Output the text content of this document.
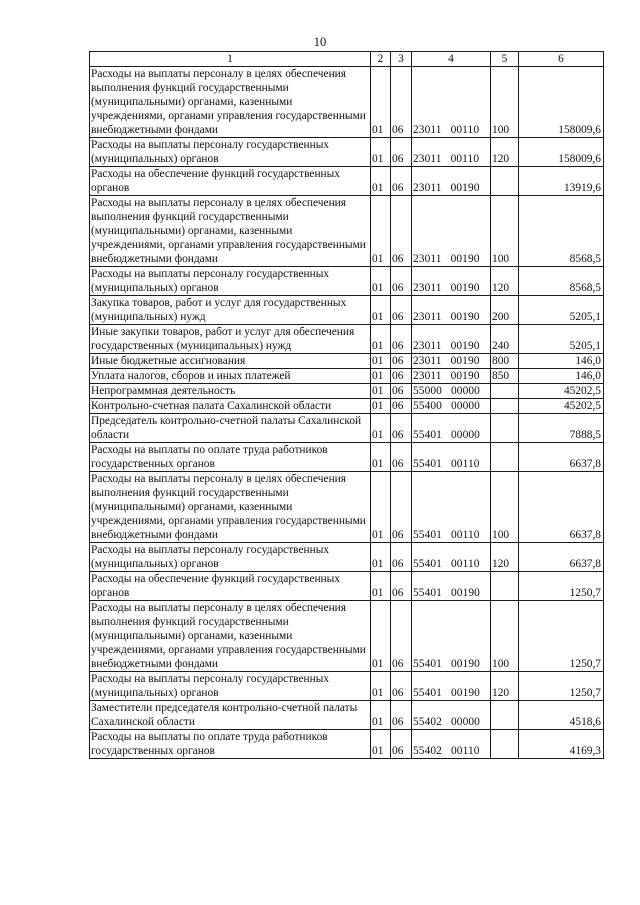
10
1	2	3	4	5	6
Расходы на выплаты персоналу в целях обеспечения выполнения функций государственными (муниципальными) органами, казенными учреждениями, органами управления государственными внебюджетными фондами	01	06	23011 00110	100	158009,6
Расходы на выплаты персоналу государственных (муниципальных) органов	01	06	23011 00110	120	158009,6
Расходы на обеспечение функций государственных органов	01	06	23011 00190		13919,6
Расходы на выплаты персоналу в целях обеспечения выполнения функций государственными (муниципальными) органами, казенными учреждениями, органами управления государственными внебюджетными фондами	01	06	23011 00190	100	8568,5
Расходы на выплаты персоналу государственных (муниципальных) органов	01	06	23011 00190	120	8568,5
Закупка товаров, работ и услуг для государственных (муниципальных) нужд	01	06	23011 00190	200	5205,1
Иные закупки товаров, работ и услуг для обеспечения государственных (муниципальных) нужд	01	06	23011 00190	240	5205,1
Иные бюджетные ассигнования	01	06	23011 00190	800	146,0
Уплата налогов, сборов и иных платежей	01	06	23011 00190	850	146,0
Непрограммная деятельность	01	06	55000 00000		45202,5
Контрольно-счетная палата Сахалинской области	01	06	55400 00000		45202,5
Председатель контрольно-счетной палаты Сахалинской области	01	06	55401 00000		7888,5
Расходы на выплаты по оплате труда работников государственных органов	01	06	55401 00110		6637,8
Расходы на выплаты персоналу в целях обеспечения выполнения функций государственными (муниципальными) органами, казенными учреждениями, органами управления государственными внебюджетными фондами	01	06	55401 00110	100	6637,8
Расходы на выплаты персоналу государственных (муниципальных) органов	01	06	55401 00110	120	6637,8
Расходы на обеспечение функций государственных органов	01	06	55401 00190		1250,7
Расходы на выплаты персоналу в целях обеспечения выполнения функций государственными (муниципальными) органами, казенными учреждениями, органами управления государственными внебюджетными фондами	01	06	55401 00190	100	1250,7
Расходы на выплаты персоналу государственных (муниципальных) органов	01	06	55401 00190	120	1250,7
Заместители председателя контрольно-счетной палаты Сахалинской области	01	06	55402 00000		4518,6
Расходы на выплаты по оплате труда работников государственных органов	01	06	55402 00110		4169,3
